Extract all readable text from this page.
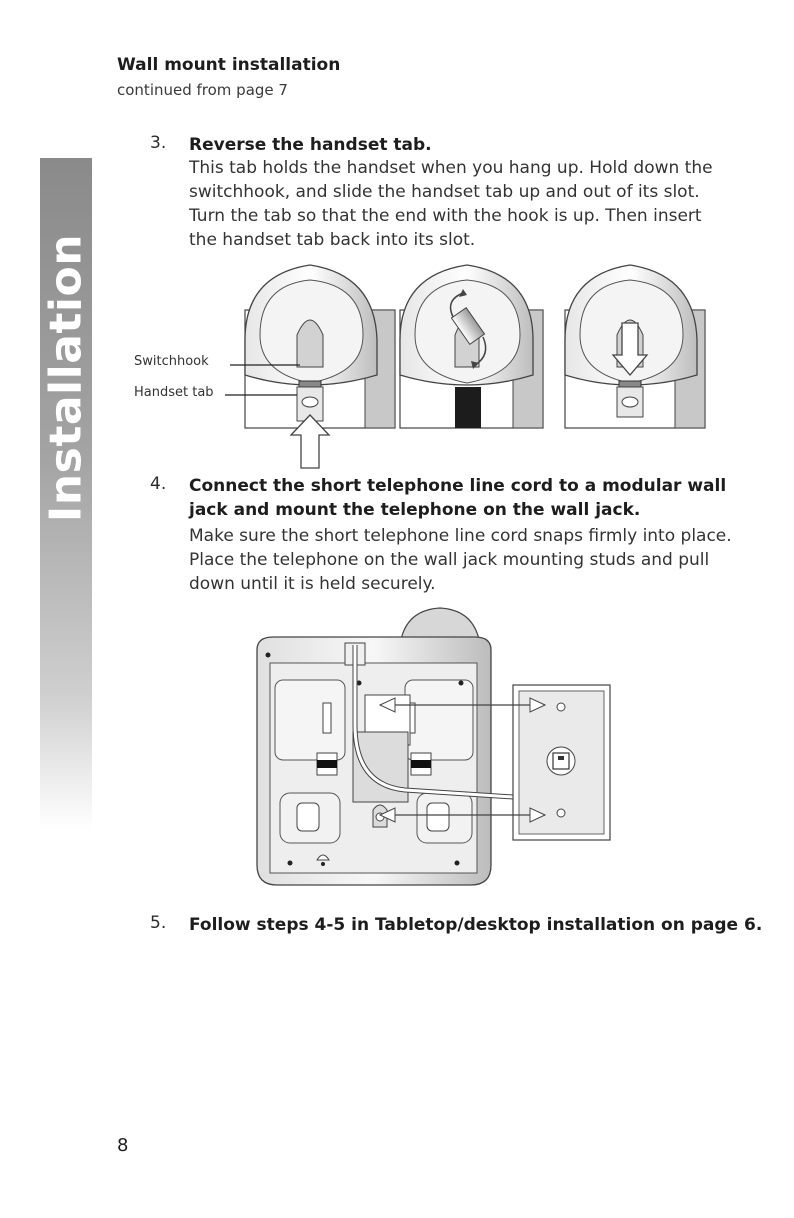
Installation
Wall mount installation
continued from page 7
3. Reverse the handset tab.
This tab holds the handset when you hang up. Hold down the
switchhook, and slide the handset tab up and out of its slot.
Turn the tab so that the end with the hook is up. Then insert
the handset tab back into its slot.
Switchhook
Handset tab
4. Connect the short telephone line cord to a modular wall
jack and mount the telephone on the wall jack.
Make sure the short telephone line cord snaps firmly into place.
Place the telephone on the wall jack mounting studs and pull
down until it is held securely.
5. Follow steps 4-5 in Tabletop/desktop installation on page 6.
8
